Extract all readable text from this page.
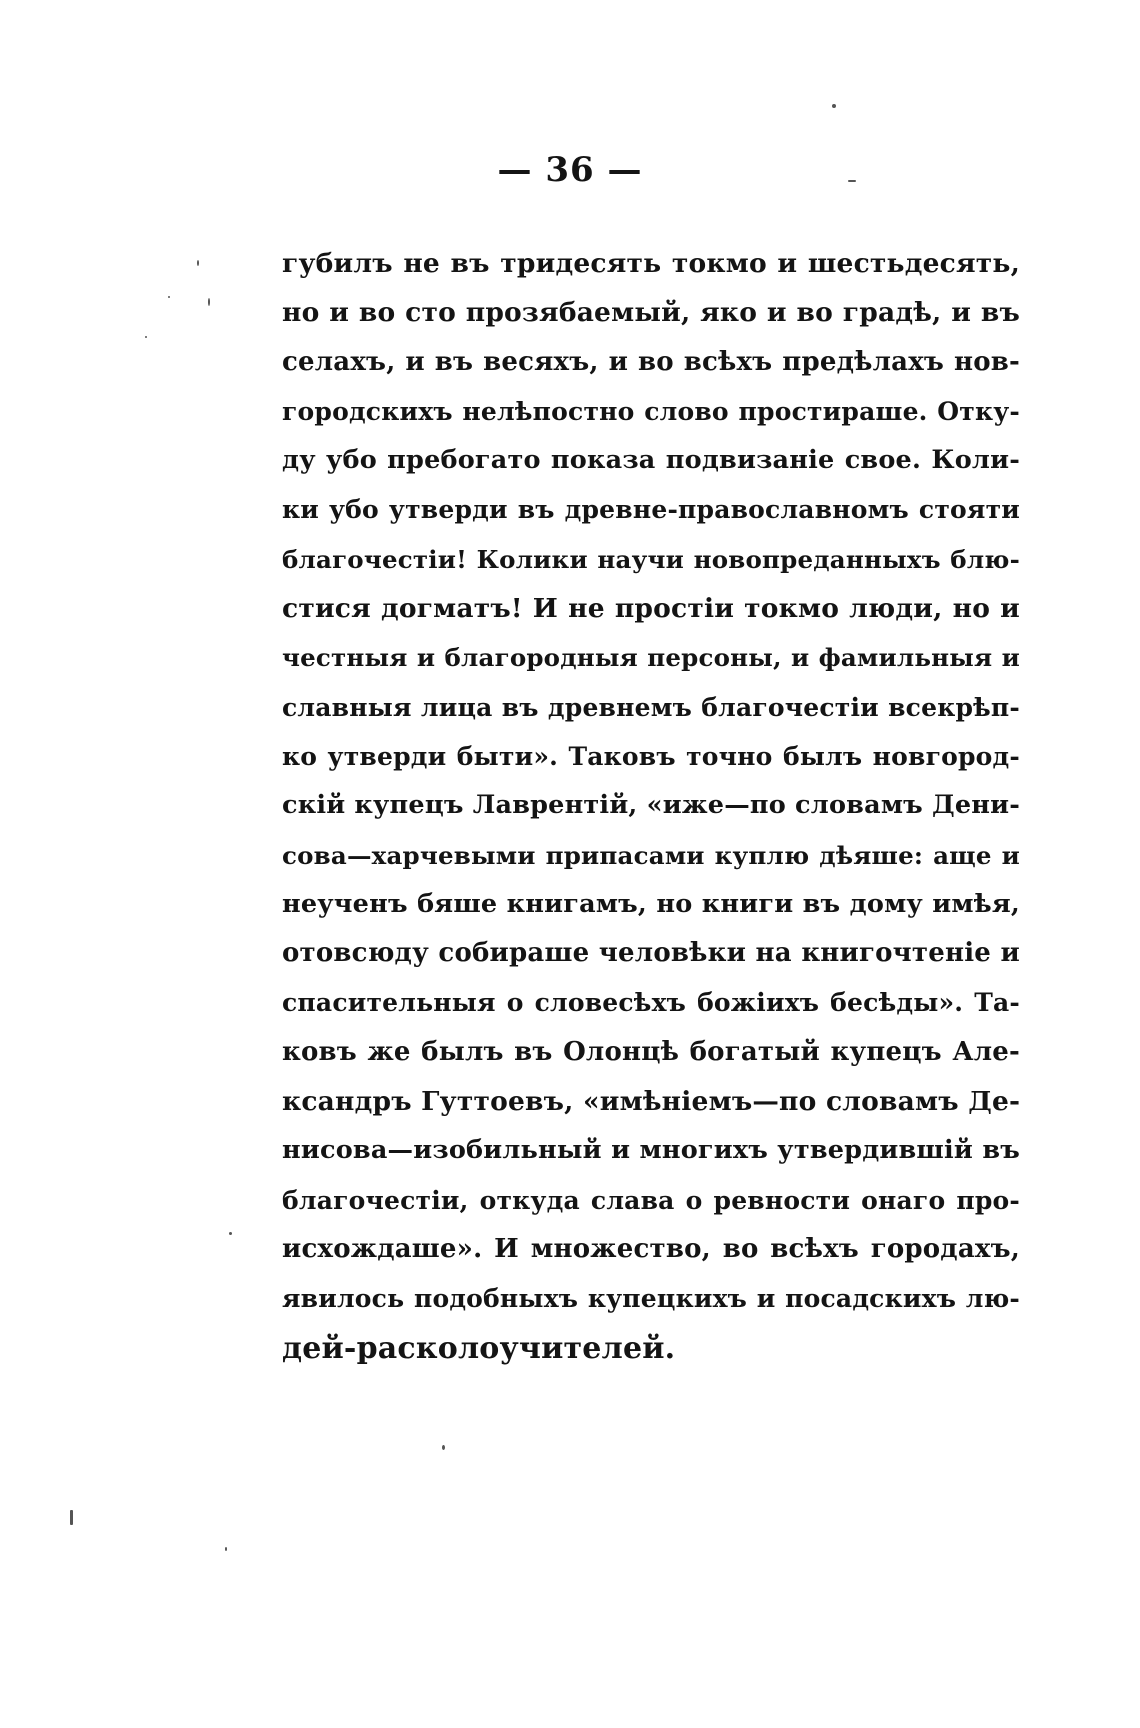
— 36 —
губилъ не въ тридесять токмо и шестьдесять,
но и во сто прозябаемый, яко и во градѣ, и въ
селахъ, и въ весяхъ, и во всѣхъ предѣлахъ нов-
городскихъ нелѣпостно слово простираше. Отку-
ду убо пребогато показа подвизаніе свое. Коли-
ки убо утверди въ древне-православномъ стояти
благочестіи! Колики научи новопреданныхъ блю-
стися догматъ! И не простіи токмо люди, но и
честныя и благородныя персоны, и фамильныя и
славныя лица въ древнемъ благочестіи всекрѣп-
ко утверди быти». Таковъ точно былъ новгород-
скій купецъ Лаврентій, «иже—по словамъ Дени-
сова—харчевыми припасами куплю дѣяше: аще и
неученъ бяше книгамъ, но книги въ дому имѣя,
отовсюду собираше человѣки на книгочтеніе и
спасительныя о словесѣхъ божіихъ бесѣды». Та-
ковъ же былъ въ Олонцѣ богатый купецъ Але-
ксандръ Гуттоевъ, «имѣніемъ—по словамъ Де-
нисова—изобильный и многихъ утвердившій въ
благочестіи, откуда слава о ревности онаго про-
исхождаше». И множество, во всѣхъ городахъ,
явилось подобныхъ купецкихъ и посадскихъ лю-
дей-расколоучителей.
